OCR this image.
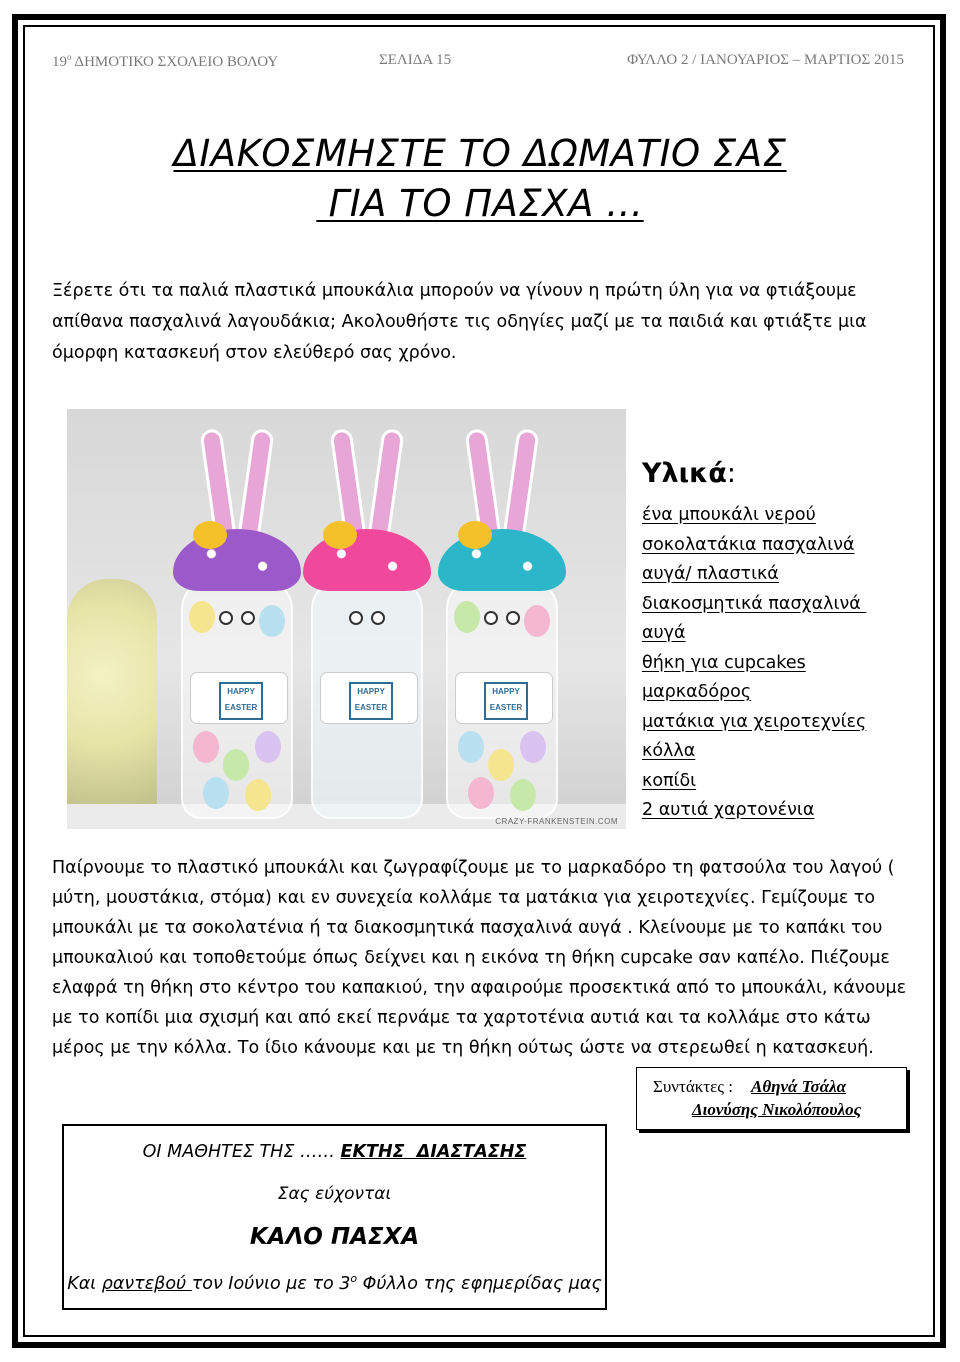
$19^o$ ΔΗΜΟΤΙΚΟ ΣΧΟΛΕΙΟ ΒΟΛΟΥ	ΣΕΛΙΔΑ 15	ΦΥΛΛΟ 2 / ΙΑΝΟΥΑΡΙΟΣ – ΜΑΡΤΙΟΣ 2015
ΔΙΑΚΟΣΜΗΣΤΕ ΤΟ ΔΩΜΑΤΙΟ ΣΑΣ
ΓΙΑ ΤΟ ΠΑΣΧΑ …

Ξέρετε ότι τα παλιά πλαστικά μπουκάλια μπορούν να γίνουν η πρώτη ύλη για να φτιάξουμε απίθανα πασχαλινά λαγουδάκια; Ακολουθήστε τις οδηγίες μαζί με τα παιδιά και φτιάξτε μια όμορφη κατασκευή στον ελεύθερό σας χρόνο.

HAPPY EASTER
HAPPY EASTER
HAPPY EASTER
CRAZY-FRANKENSTEIN.COM
Υλικά:
ένα μπουκάλι νερού
σοκολατάκια πασχαλινά
αυγά/ πλαστικά
διακοσμητικά πασχαλινά
αυγά
θήκη για cupcakes
μαρκαδόρος
ματάκια για χειροτεχνίες
κόλλα
κοπίδι
2 αυτιά χαρτονένια

Παίρνουμε το πλαστικό μπουκάλι και ζωγραφίζουμε με το μαρκαδόρο τη φατσούλα του λαγού ( μύτη, μουστάκια, στόμα) και εν συνεχεία κολλάμε τα ματάκια για χειροτεχνίες. Γεμίζουμε το μπουκάλι με τα σοκολατένια ή τα διακοσμητικά πασχαλινά αυγά . Κλείνουμε με το καπάκι του μπουκαλιού και τοποθετούμε όπως δείχνει και η εικόνα τη θήκη cupcake σαν καπέλο. Πιέζουμε ελαφρά τη θήκη στο κέντρο του καπακιού, την αφαιρούμε προσεκτικά από το μπουκάλι, κάνουμε με το κοπίδι μια σχισμή και από εκεί περνάμε τα χαρτοτένια αυτιά και τα κολλάμε στο κάτω μέρος με την κόλλα. Το ίδιο κάνουμε και με τη θήκη ούτως ώστε να στερεωθεί η κατασκευή.

Συντάκτες : Αθηνά Τσάλα
Διονύσης Νικολόπουλος
ΟΙ ΜΑΘΗΤΕΣ ΤΗΣ …… ΕΚΤΗΣ  ΔΙΑΣΤΑΣΗΣ
Σας εύχονται
ΚΑΛΟ ΠΑΣΧΑ
Και ραντεβού τον Ιούνιο με το $3^o$ Φύλλο της εφημερίδας μας
